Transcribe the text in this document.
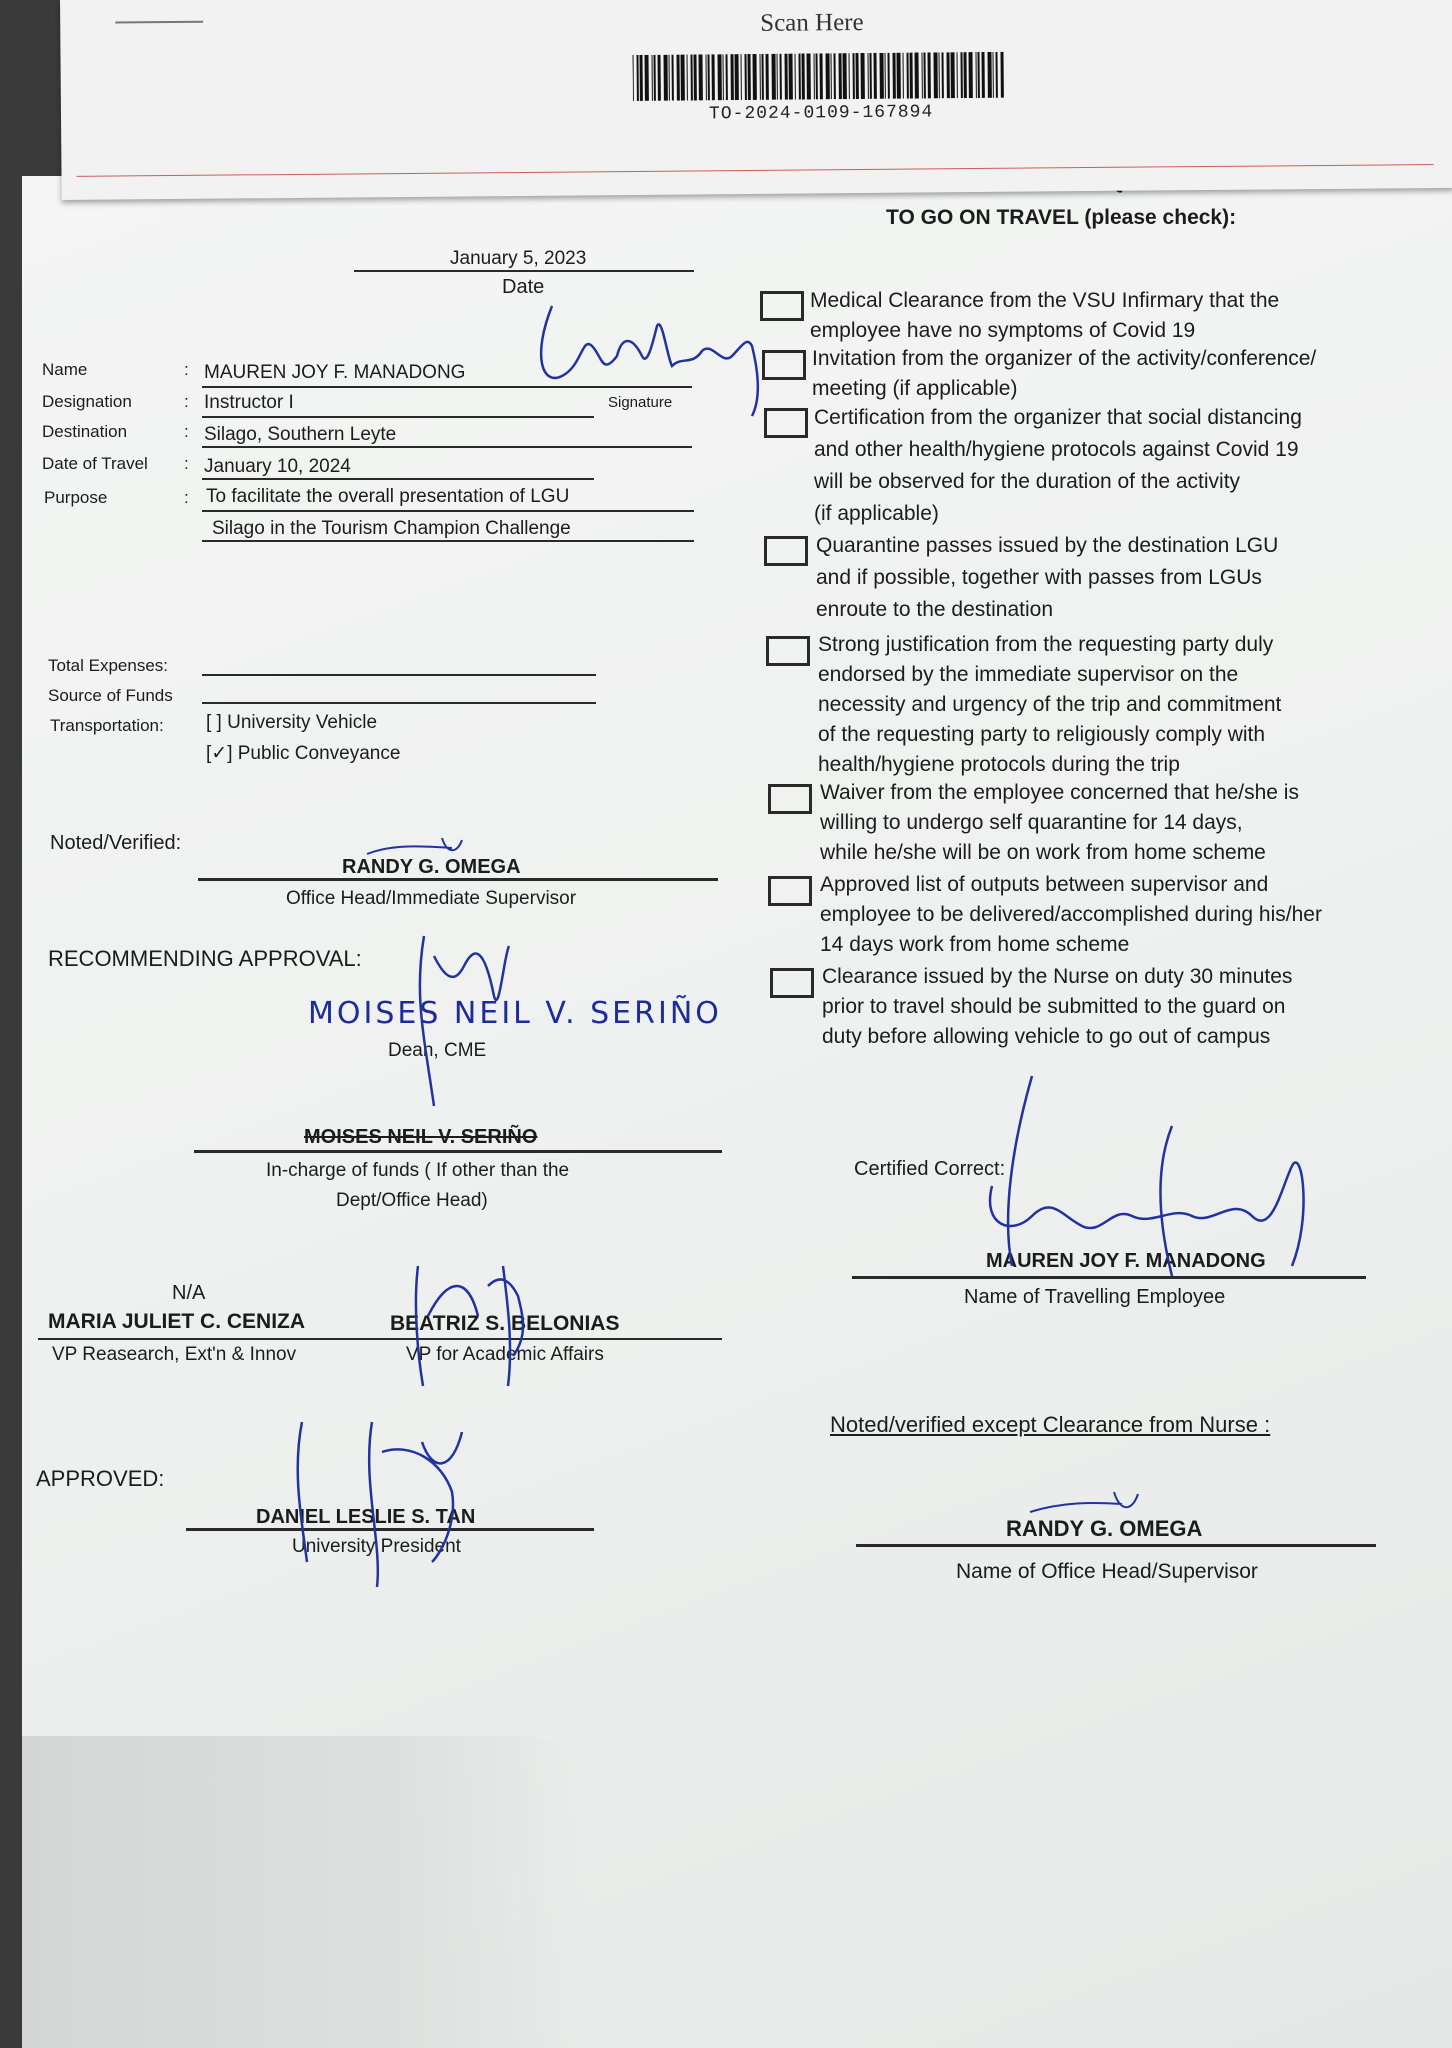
TO GO ON TRAVEL (please check):
January 5, 2023
Date
Name	: MAUREN JOY F. MANADONG
Signature
Designation	: Instructor I
Destination	: Silago, Southern Leyte
Date of Travel : January 10, 2024
Purpose	: To facilitate the overall presentation of LGU
Silago in the Tourism Champion Challenge
Total Expenses:
Source of Funds
Transportation: [ ] University Vehicle
[✓] Public Conveyance
Noted/Verified:
RANDY G. OMEGA
Office Head/Immediate Supervisor
RECOMMENDING APPROVAL:
MOISES NEIL V. SERIÑO
Dean, CME
MOISES NEIL V. SERIÑO
In-charge of funds ( If other than the
Dept/Office Head)
N/A
MARIA JULIET C. CENIZA	BEATRIZ S. BELONIAS
VP Reasearch, Ext'n & Innov	VP for Academic Affairs
APPROVED:
DANIEL LESLIE S. TAN
University President
Medical Clearance from the VSU Infirmary that the
employee have no symptoms of Covid 19
Invitation from the organizer of the activity/conference/
meeting (if applicable)
Certification from the organizer that social distancing
and other health/hygiene protocols against Covid 19
will be observed for the duration of the activity
(if applicable)
Quarantine passes issued by the destination LGU
and if possible, together with passes from LGUs
enroute to the destination
Strong justification from the requesting party duly
endorsed by the immediate supervisor on the
necessity and urgency of the trip and commitment
of the requesting party to religiously comply with
health/hygiene protocols during the trip
Waiver from the employee concerned that he/she is
willing to undergo self quarantine for 14 days,
while he/she will be on work from home scheme
Approved list of outputs between supervisor and
employee to be delivered/accomplished during his/her
14 days work from home scheme
Clearance issued by the Nurse on duty 30 minutes
prior to travel should be submitted to the guard on
duty before allowing vehicle to go out of campus
Certified Correct:
MAUREN JOY F. MANADONG
Name of Travelling Employee
Noted/verified except Clearance from Nurse :
RANDY G. OMEGA
Name of Office Head/Supervisor
Scan Here
TO-2024-0109-167894
